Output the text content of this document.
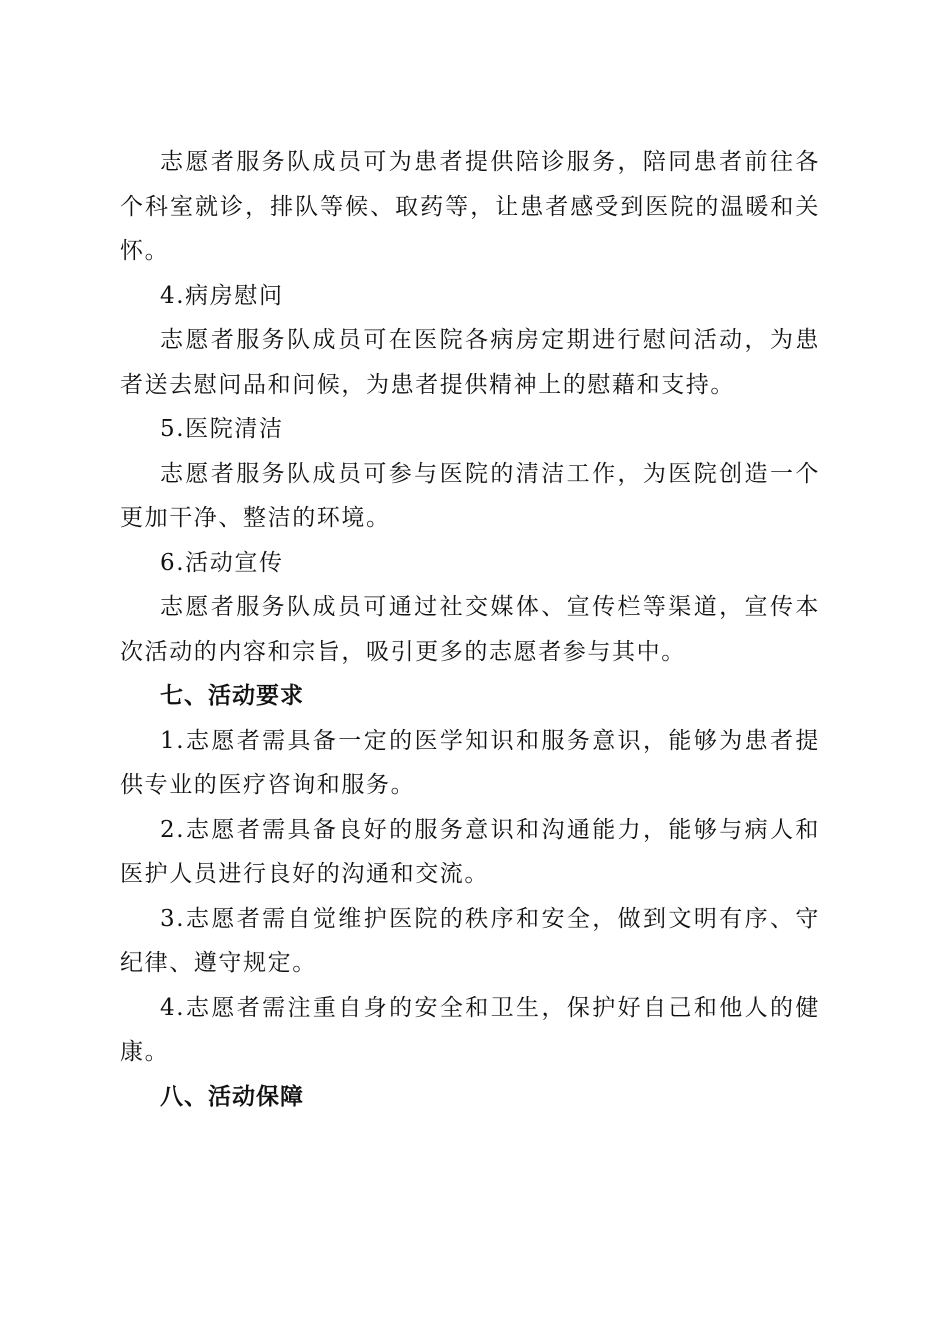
志愿者服务队成员可为患者提供陪诊服务，陪同患者前往各个科室就诊，排队等候、取药等，让患者感受到医院的温暖和关怀。

4.病房慰问

志愿者服务队成员可在医院各病房定期进行慰问活动，为患者送去慰问品和问候，为患者提供精神上的慰藉和支持。

5.医院清洁

志愿者服务队成员可参与医院的清洁工作，为医院创造一个更加干净、整洁的环境。

6.活动宣传

志愿者服务队成员可通过社交媒体、宣传栏等渠道，宣传本次活动的内容和宗旨，吸引更多的志愿者参与其中。

七、活动要求

1.志愿者需具备一定的医学知识和服务意识，能够为患者提供专业的医疗咨询和服务。

2.志愿者需具备良好的服务意识和沟通能力，能够与病人和医护人员进行良好的沟通和交流。

3.志愿者需自觉维护医院的秩序和安全，做到文明有序、守纪律、遵守规定。

4.志愿者需注重自身的安全和卫生，保护好自己和他人的健康。

八、活动保障
